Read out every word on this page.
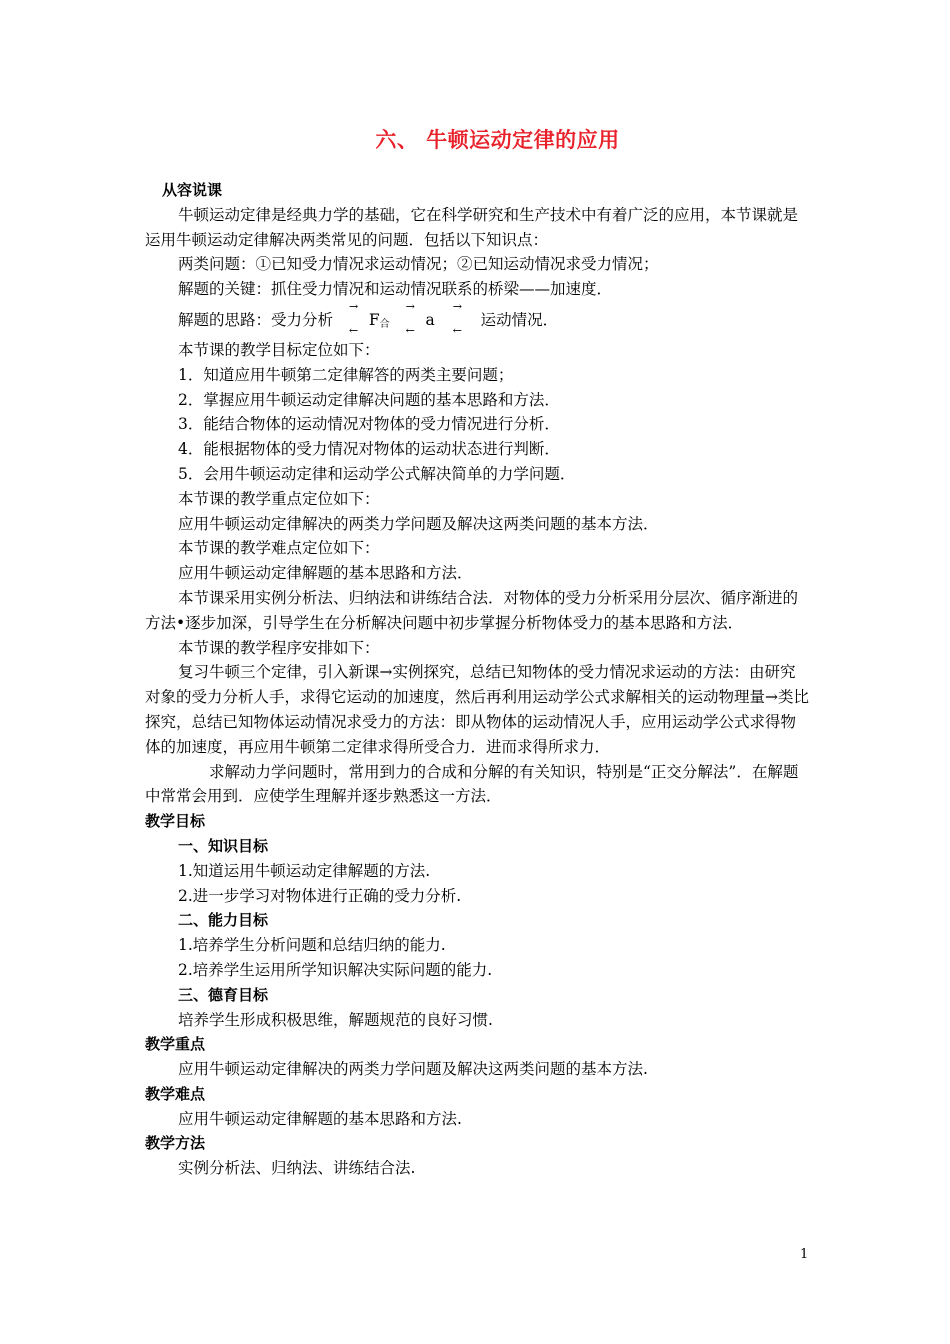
六、 牛顿运动定律的应用

从容说课

牛顿运动定律是经典力学的基础，它在科学研究和生产技术中有着广泛的应用，本节课就是运用牛顿运动定律解决两类常见的问题．包括以下知识点：

两类问题：①已知受力情况求运动情况；②已知运动情况求受力情况；

解题的关键：抓住受力情况和运动情况联系的桥梁——加速度．

解题的思路：受力分析
→
←
F合
→
←
a
→
←
运动情况．

本节课的教学目标定位如下：

1．知道应用牛顿第二定律解答的两类主要问题；

2．掌握应用牛顿运动定律解决问题的基本思路和方法．

3．能结合物体的运动情况对物体的受力情况进行分析．

4．能根据物体的受力情况对物体的运动状态进行判断．

5．会用牛顿运动定律和运动学公式解决简单的力学问题．

本节课的教学重点定位如下：

应用牛顿运动定律解决的两类力学问题及解决这两类问题的基本方法．

本节课的教学难点定位如下：

应用牛顿运动定律解题的基本思路和方法．

本节课采用实例分析法、归纳法和讲练结合法．对物体的受力分析采用分层次、循序渐进的方法•逐步加深，引导学生在分析解决问题中初步掌握分析物体受力的基本思路和方法．

本节课的教学程序安排如下：

复习牛顿三个定律，引入新课→实例探究，总结已知物体的受力情况求运动的方法：由研究对象的受力分析人手，求得它运动的加速度，然后再利用运动学公式求解相关的运动物理量→类比探究，总结已知物体运动情况求受力的方法：即从物体的运动情况人手，应用运动学公式求得物体的加速度，再应用牛顿第二定律求得所受合力．进而求得所求力．

求解动力学问题时，常用到力的合成和分解的有关知识，特别是“正交分解法”．在解题中常常会用到．应使学生理解并逐步熟悉这一方法．

教学目标

一、知识目标

1.知道运用牛顿运动定律解题的方法.

2.进一步学习对物体进行正确的受力分析.

二、能力目标

1.培养学生分析问题和总结归纳的能力.

2.培养学生运用所学知识解决实际问题的能力.

三、德育目标

培养学生形成积极思维，解题规范的良好习惯.

教学重点

应用牛顿运动定律解决的两类力学问题及解决这两类问题的基本方法.

教学难点

应用牛顿运动定律解题的基本思路和方法.

教学方法

实例分析法、归纳法、讲练结合法.

1
